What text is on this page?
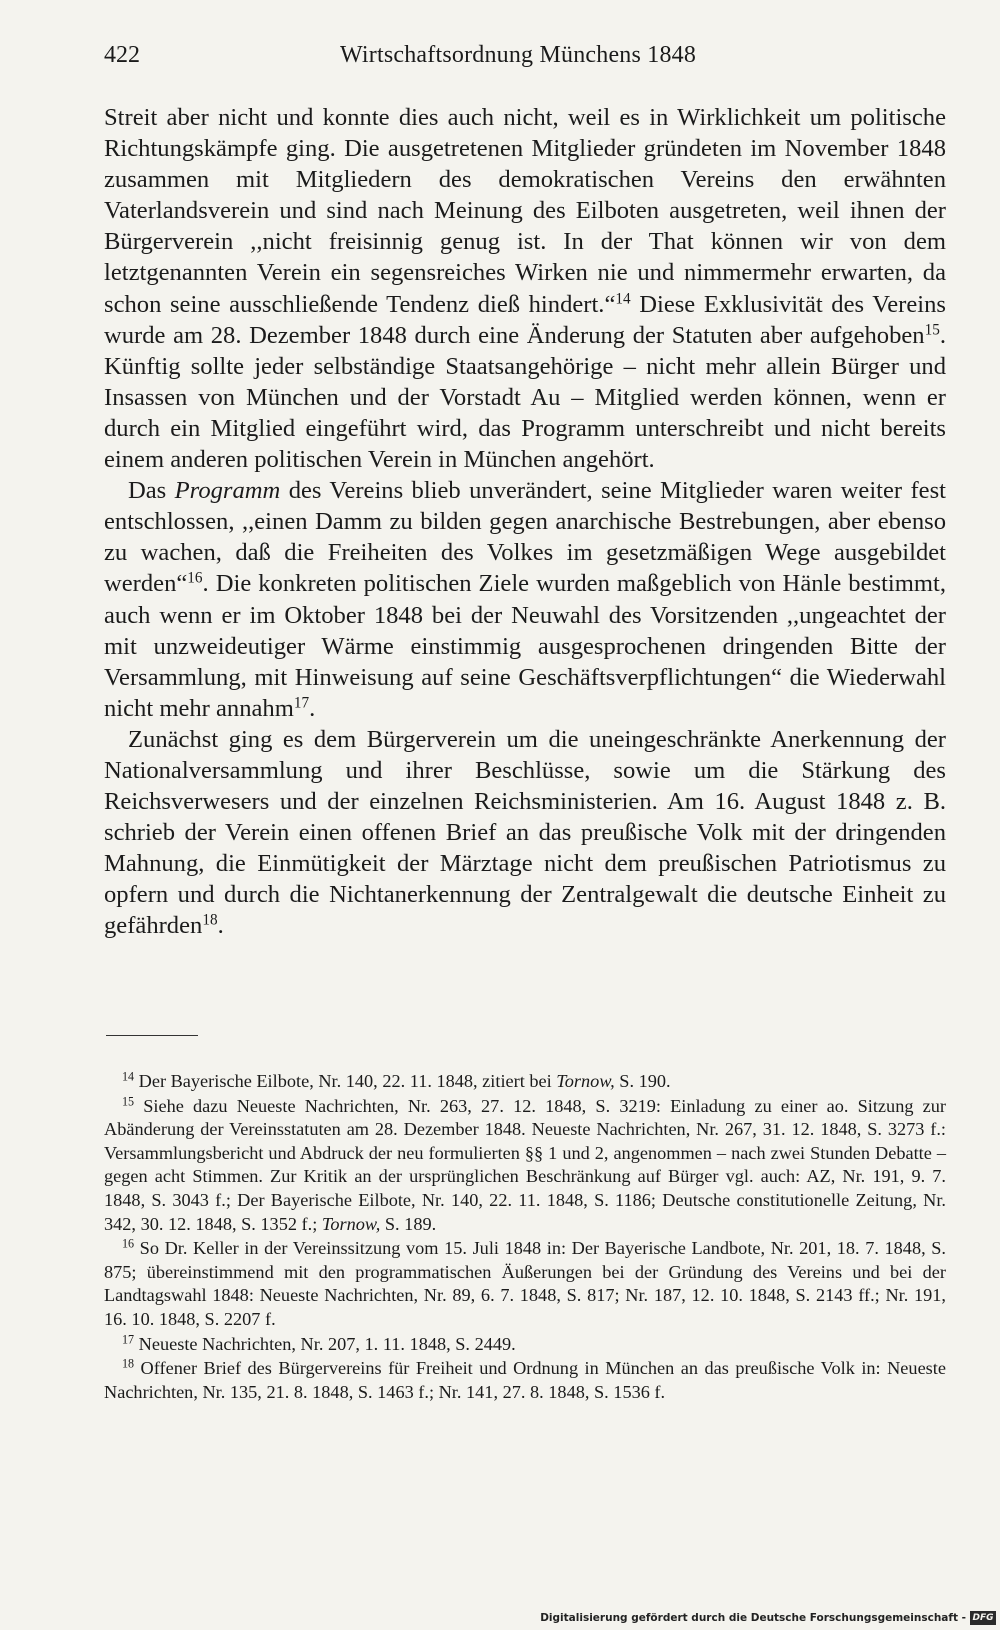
422	Wirtschaftsordnung Münchens 1848

Streit aber nicht und konnte dies auch nicht, weil es in Wirklichkeit um politische Richtungskämpfe ging. Die ausgetretenen Mitglieder gründeten im November 1848 zusammen mit Mitgliedern des demokratischen Vereins den erwähnten Vaterlandsverein und sind nach Meinung des Eilboten ausgetreten, weil ihnen der Bürgerverein ,,nicht freisinnig genug ist. In der That können wir von dem letztgenannten Verein ein segensreiches Wirken nie und nimmermehr erwarten, da schon seine ausschließende Tendenz dieß hindert.“$^{14}$ Diese Exklusivität des Vereins wurde am 28. Dezember 1848 durch eine Änderung der Statuten aber aufgehoben$^{15}$. Künftig sollte jeder selbständige Staatsangehörige – nicht mehr allein Bürger und Insassen von München und der Vorstadt Au – Mitglied werden können, wenn er durch ein Mitglied eingeführt wird, das Programm unterschreibt und nicht bereits einem anderen politischen Verein in München angehört.

Das Programm des Vereins blieb unverändert, seine Mitglieder waren weiter fest entschlossen, ,,einen Damm zu bilden gegen anarchische Bestrebungen, aber ebenso zu wachen, daß die Freiheiten des Volkes im gesetzmäßigen Wege ausgebildet werden“$^{16}$. Die konkreten politischen Ziele wurden maßgeblich von Hänle bestimmt, auch wenn er im Oktober 1848 bei der Neuwahl des Vorsitzenden ,,ungeachtet der mit unzweideutiger Wärme einstimmig ausgesprochenen dringenden Bitte der Versammlung, mit Hinweisung auf seine Geschäftsverpflichtungen“ die Wiederwahl nicht mehr annahm$^{17}$.

Zunächst ging es dem Bürgerverein um die uneingeschränkte Anerkennung der Nationalversammlung und ihrer Beschlüsse, sowie um die Stärkung des Reichsverwesers und der einzelnen Reichsministerien. Am 16. August 1848 z. B. schrieb der Verein einen offenen Brief an das preußische Volk mit der dringenden Mahnung, die Einmütigkeit der Märztage nicht dem preußischen Patriotismus zu opfern und durch die Nichtanerkennung der Zentralgewalt die deutsche Einheit zu gefährden$^{18}$.

$^{14}$ Der Bayerische Eilbote, Nr. 140, 22. 11. 1848, zitiert bei Tornow, S. 190.

$^{15}$ Siehe dazu Neueste Nachrichten, Nr. 263, 27. 12. 1848, S. 3219: Einladung zu einer ao. Sitzung zur Abänderung der Vereinsstatuten am 28. Dezember 1848. Neueste Nachrichten, Nr. 267, 31. 12. 1848, S. 3273 f.: Versammlungsbericht und Abdruck der neu formulierten §§ 1 und 2, angenommen – nach zwei Stunden Debatte – gegen acht Stimmen. Zur Kritik an der ursprünglichen Beschränkung auf Bürger vgl. auch: AZ, Nr. 191, 9. 7. 1848, S. 3043 f.; Der Bayerische Eilbote, Nr. 140, 22. 11. 1848, S. 1186; Deutsche constitutionelle Zeitung, Nr. 342, 30. 12. 1848, S. 1352 f.; Tornow, S. 189.

$^{16}$ So Dr. Keller in der Vereinssitzung vom 15. Juli 1848 in: Der Bayerische Landbote, Nr. 201, 18. 7. 1848, S. 875; übereinstimmend mit den programmatischen Äußerungen bei der Gründung des Vereins und bei der Landtagswahl 1848: Neueste Nachrichten, Nr. 89, 6. 7. 1848, S. 817; Nr. 187, 12. 10. 1848, S. 2143 ff.; Nr. 191, 16. 10. 1848, S. 2207 f.

$^{17}$ Neueste Nachrichten, Nr. 207, 1. 11. 1848, S. 2449.

$^{18}$ Offener Brief des Bürgervereins für Freiheit und Ordnung in München an das preußische Volk in: Neueste Nachrichten, Nr. 135, 21. 8. 1848, S. 1463 f.; Nr. 141, 27. 8. 1848, S. 1536 f.

Digitalisierung gefördert durch die Deutsche Forschungsgemeinschaft - DFG
